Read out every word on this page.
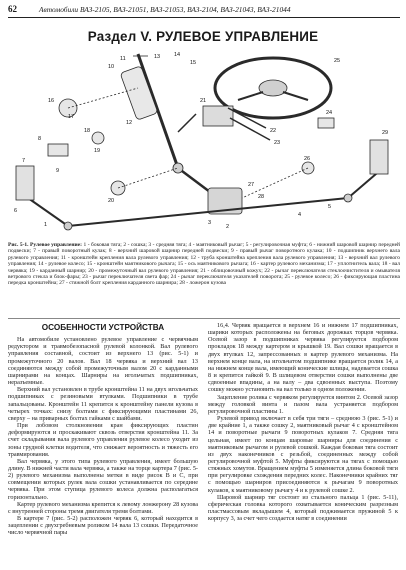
62	Автомобили ВАЗ-2105, ВАЗ-21051, ВАЗ-21053, ВАЗ-2104, ВАЗ-21043, ВАЗ-21044
Раздел V. РУЛЕВОЕ УПРАВЛЕНИЕ
1	2
3
4
5
6
7
8
9
10
11
12
13	14
15
16
17
18
19
20
21
22
23
24
25
26
27
28
29
Рис. 5-1. Рулевое управление: 1 - боковая тяга; 2 - сошка; 3 - средняя тяга; 4 - маятниковый рычаг; 5 - регулировочная муфта; 6 - нижний шаровой шарнир передней подвески; 7 - правый поворотный кулак; 8 - верхний шаровой шарнир передней подвески; 9 - правый рычаг поворотного кулака; 10 - подшипник верхнего вала рулевого управления; 11 - кронштейн крепления вала рулевого управления; 12 - труба кронштейна крепления вала рулевого управления; 13 - верхний вал рулевого управления; 14 - рулевое колесо; 15 - кронштейн маятникового рычага; 15 - ось маятникового рычага; 16 - картер рулевого механизма; 17 - уплотнитель вала; 18 - вал червяка; 19 - карданный шарнир; 20 - промежуточный вал рулевого управления; 21 - облицовочный кожух; 22 - рычаг переключателя стеклоочистителя и омывателя ветрового стекла и блок-фары; 23 - рычаг переключателя света фар; 24 - рычаг переключателя указателей поворота; 25 - рулевое колесо; 26 - фиксирующая пластина передка кронштейна; 27 - стяжной болт крепления карданного шарнира; 28 - ложерон кузова
ОСОБЕННОСТИ УСТРОЙСТВА

На автомобиле установлено рулевое управление с червячным редуктором и травмобезопасной рулевой колонкой. Вал рулевого управления составной, состоит из верхнего 13 (рис. 5-1) и промежуточного 20 валов. Вал 18 червяка и верхний вал 13 соединяются между собой промежуточным валом 20 с карданными шарнирами на концах. Шарниры на игольчатых подшипниках, неразъемные.

Верхний вал установлен в трубе кронштейна 11 на двух игольчатых подшипниках с резиновыми втулками. Подшипники в трубе запальцованы. Кронштейн 11 крепится к кронштейну панели кузова в четырех точках: снизу болтами с фиксирующими пластинами 26, сверху – на приварных болтах гайками с шайбами.

При лобовом столкновении кран фиксирующих пластин деформируются и проскакивают сквозь отверстия кронштейна 11. За счет складывания вала рулевого управления рулевое колесо уходит из зоны грудной клетки водителя, что снижает вероятность и тяжесть его травмирования.

Вал червяка, у этого типа рулевого управления, имеет большую длину. В нижней части вала червяка, а также на торце картера 7 (рис. 5-2) рулевого механизма выполнены метки в виде рисок В и С, при совмещении которых рулек вала сошки устанавливается по середине червяка. При этом ступица рулевого колеса должна располагаться горизонтально.

Картер рулевого механизма крепится к левому лонжерону 28 кузова с внутренней стороны тремя двигателя тремя болтами.

В картере 7 (рис. 5-2) расположен червяк 6, который находится в зацеплении с двухгребневым роликом 14 вала 13 сошки. Передаточное число червячной пары

16,4. Червяк вращается в верхнем 16 и нижнем 17 подшипниках, шарики которых расположены на беговых дорожках торцов червяка. Осевой зазор в подшипниках червяка регулируется подбором прокладок 18 между картером и крышкой 19. Вал сошки вращается в двух втулках 12, запрессованных в картер рулевого механизма. На верхнем конце вала, на игольчатом подшипнике вращается ролик 14, а на нижнем конце вала, имеющий конические шлицы, надевается сошка 8 и крепится гайкой 9. В шлицевом отверстии сошки выполнены две сдвоенные впадины, а на валу – два сдвоенных выступа. Поэтому сошку можно установить на вал только в одном положении.

Зацепление ролика с червяком регулируется винтом 2. Осевой зазор между головкой винта и пазом вала устраняется подбором регулировочной пластины 1.

Рулевой привод включает в себя три тяги – среднюю 3 (рис. 5-1) и две крайние 1, а также сошку 2, маятниковый рычаг 4 с кронштейном 14 и поворотные рычаги 9 поворотных кулаков 7. Средняя тяга цельная, имеет по концам шаровые шарниры для соединения с маятниковым рычагом и рулевой сошкой. Каждая боковая тяга состоит из двух наконечников с резьбой, соединенных между собой регулировочной муфтой 5. Муфты фиксируются на тягах с помощью стяжных хомутов. Вращением муфты 5 изменяется длина боковой тяги при регулировке схождения передних колес. Наконечники крайних тяг с помощью шарниров присоединяются к рычагам 9 поворотных кулаков, к маятниковому рычагу 4 и к рулевой сошке 2.

Шаровой шарнир тяг состоит из стального пальца 1 (рис. 5-11), сферическая головка которого охватывается коническим разрезным пластмассовым вкладышем 4, который поджимается пружиной 5 к корпусу 3, за счет чего создается натяг в соединении
